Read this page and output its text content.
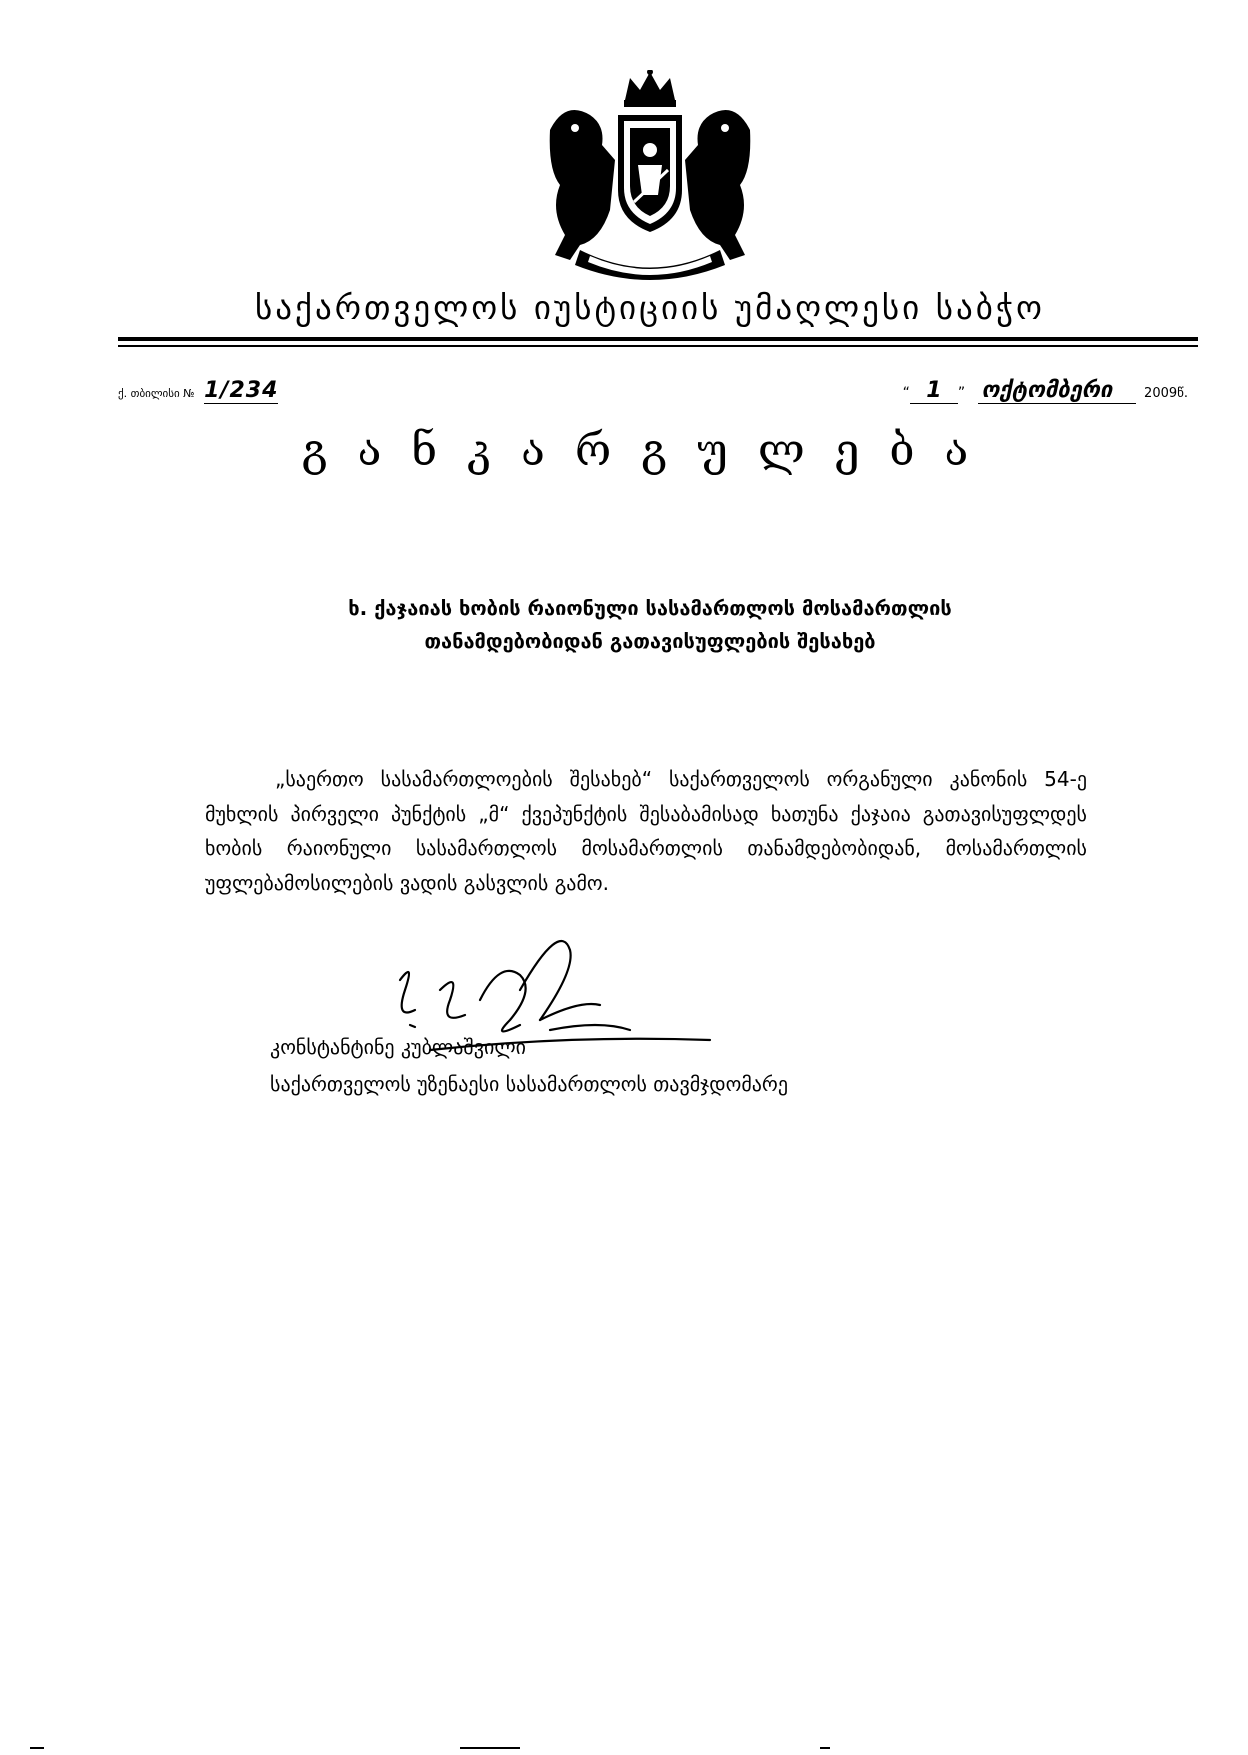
საქართველოს იუსტიციის უმაღლესი საბჭო
ქ. თბილისი № 1/234	“ 1 ” ოქტომბერი 2009წ.
განკარგულება
ხ. ქაჯაიას ხობის რაიონული სასამართლოს მოსამართლის
თანამდებობიდან გათავისუფლების შესახებ
„საერთო სასამართლოების შესახებ“ საქართველოს ორგანული კანონის 54-ე მუხლის პირველი პუნქტის „მ“ ქვეპუნქტის შესაბამისად ხათუნა ქაჯაია გათავისუფლდეს ხობის რაიონული სასამართლოს მოსამართლის თანამდებობიდან, მოსამართლის უფლებამოსილების ვადის გასვლის გამო.
კონსტანტინე კუბლაშვილი
საქართველოს უზენაესი სასამართლოს თავმჯდომარე
